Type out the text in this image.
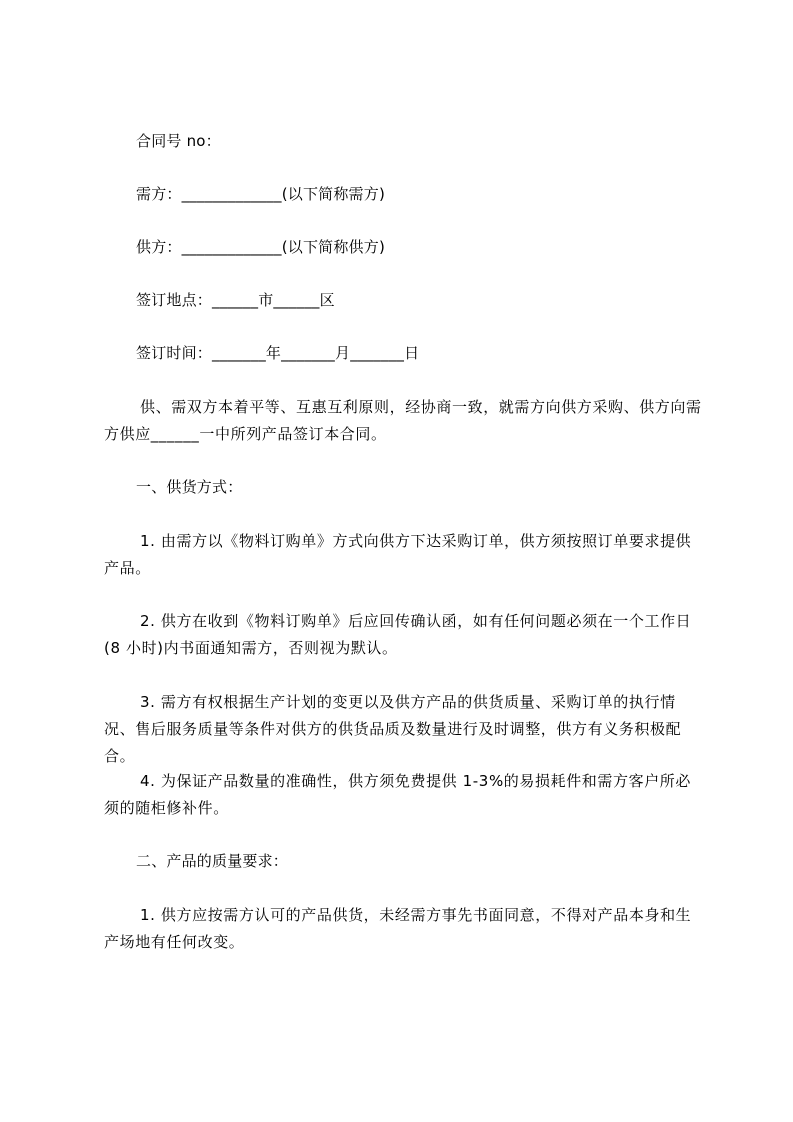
合同号 no：
需方：_____________(以下简称需方)
供方：_____________(以下简称供方)
签订地点：______市______区
签订时间：_______年_______月_______日
供、需双方本着平等、互惠互利原则，经协商一致，就需方向供方采购、供方向需方供应______一中所列产品签订本合同。
一、供货方式：
1. 由需方以《物料订购单》方式向供方下达采购订单，供方须按照订单要求提供产品。
2. 供方在收到《物料订购单》后应回传确认函，如有任何问题必须在一个工作日(8 小时)内书面通知需方，否则视为默认。
3. 需方有权根据生产计划的变更以及供方产品的供货质量、采购订单的执行情况、售后服务质量等条件对供方的供货品质及数量进行及时调整，供方有义务积极配合。
4. 为保证产品数量的准确性，供方须免费提供 1-3%的易损耗件和需方客户所必须的随柜修补件。
二、产品的质量要求：
1. 供方应按需方认可的产品供货，未经需方事先书面同意，不得对产品本身和生产场地有任何改变。
